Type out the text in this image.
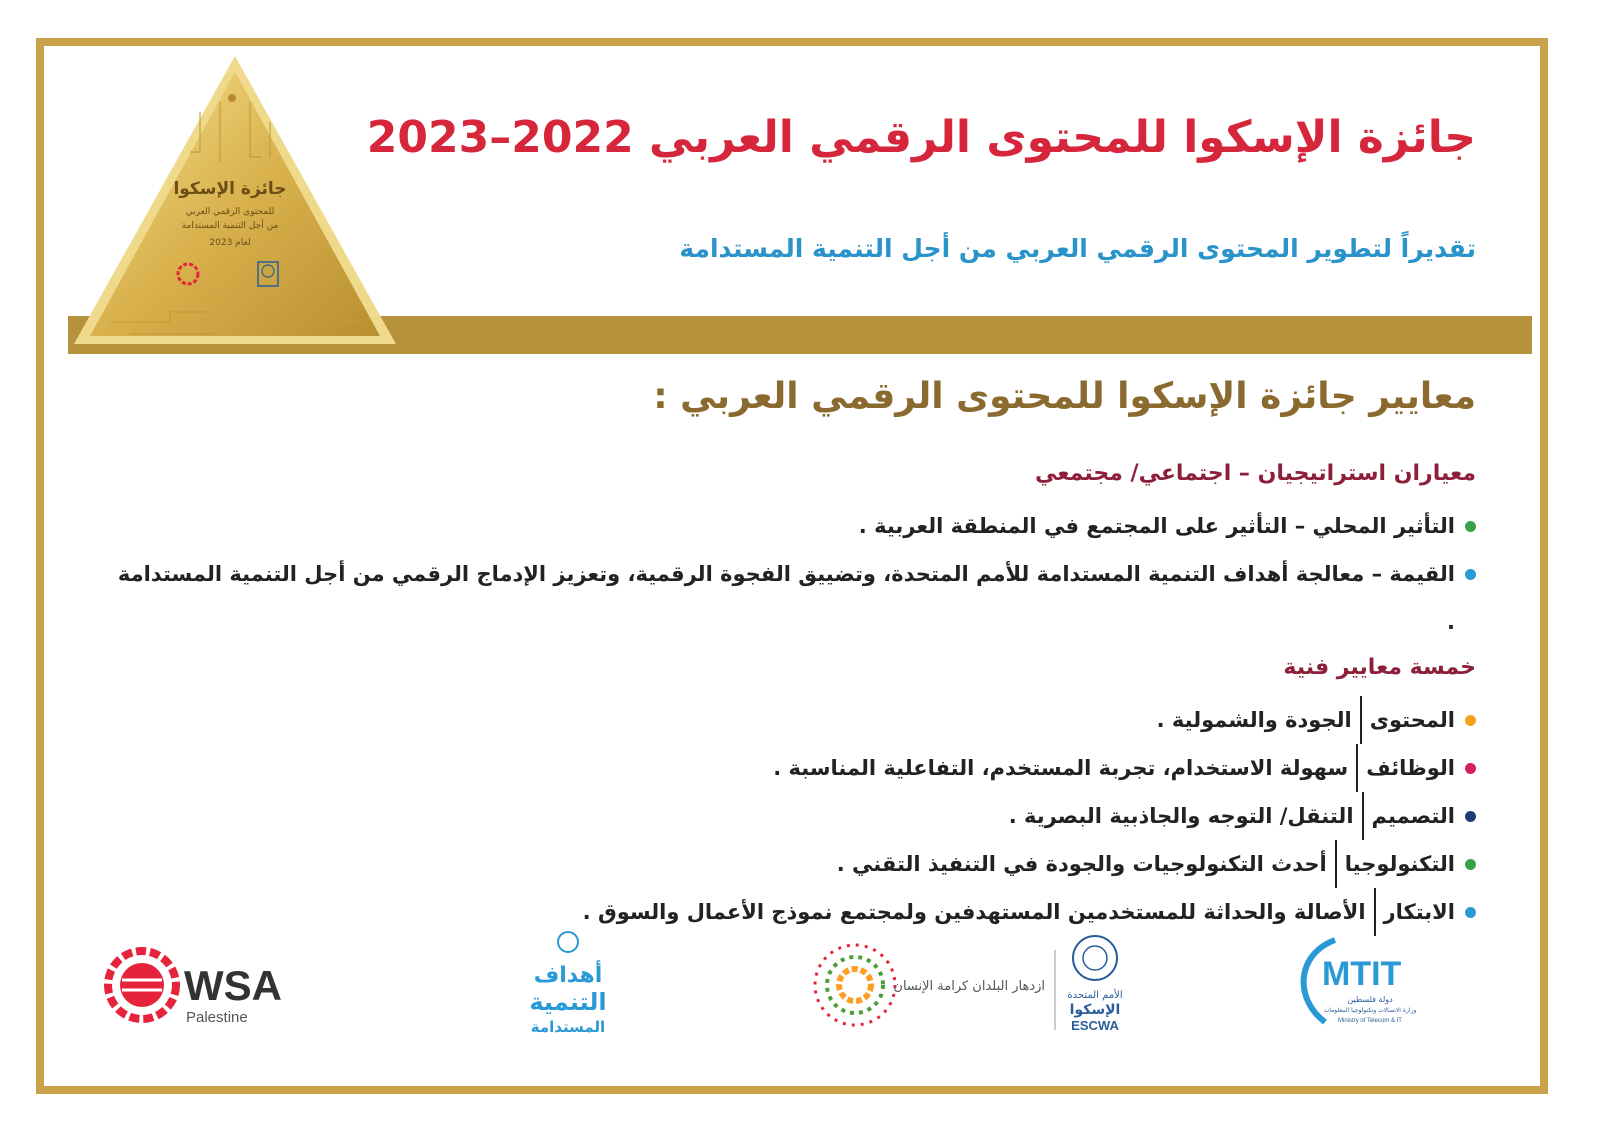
جائزة الإسكوا
للمحتوى الرقمي العربي
من أجل التنمية المستدامة
لعام 2023
جائزة الإسكوا للمحتوى الرقمي العربي 2022–2023
تقديراً لتطوير المحتوى الرقمي العربي من أجل التنمية المستدامة
معايير جائزة الإسكوا للمحتوى الرقمي العربي :
معياران استراتيجيان – اجتماعي/ مجتمعي
التأثير المحلي – التأثير على المجتمع في المنطقة العربية .
القيمة – معالجة أهداف التنمية المستدامة للأمم المتحدة، وتضييق الفجوة الرقمية، وتعزيز الإدماج الرقمي من أجل التنمية المستدامة .
خمسة معايير فنية
المحتوى
الجودة والشمولية .
الوظائف
سهولة الاستخدام، تجربة المستخدم، التفاعلية المناسبة .
التصميم
التنقل/ التوجه والجاذبية البصرية .
التكنولوجيا
أحدث التكنولوجيات والجودة في التنفيذ التقني .
الابتكار
الأصالة والحداثة للمستخدمين المستهدفين ولمجتمع نموذج الأعمال والسوق .
WSA
Palestine
أهداف
التنمية
المستدامة
ازدهار البلدان كرامة الإنسان
الأمم المتحدة
الإسكوا
ESCWA
MTIT
دولة فلسطين
وزارة الاتصالات وتكنولوجيا المعلومات
Ministry of Telecom & IT
